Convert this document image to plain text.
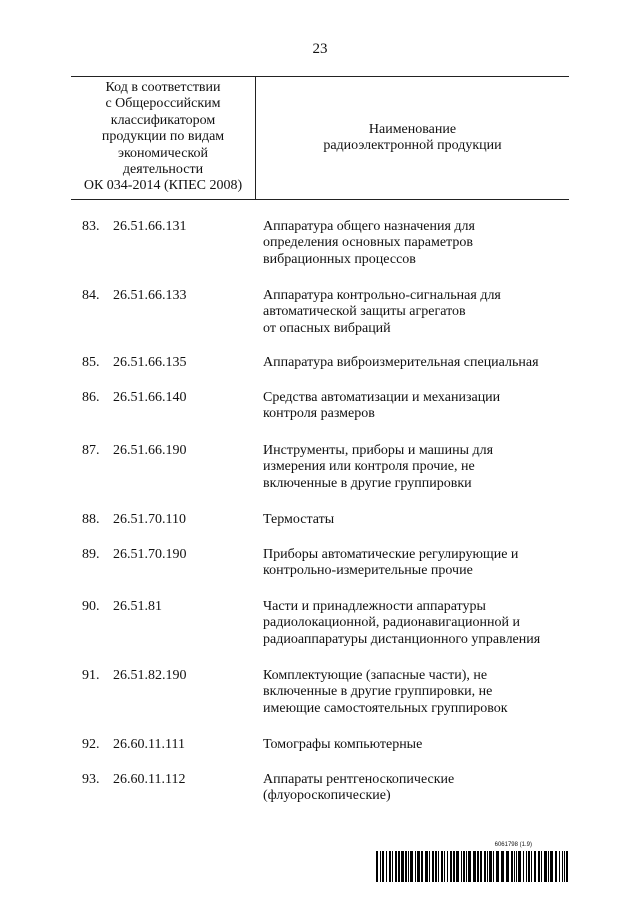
23
Код в соответствии
с Общероссийским
классификатором
продукции по видам
экономической
деятельности
ОК 034-2014 (КПЕС 2008)
Наименование
радиоэлектронной продукции
83. 26.51.66.131	Аппаратура общего назначения для
определения основных параметров
вибрационных процессов
84. 26.51.66.133	Аппаратура контрольно-сигнальная для
автоматической защиты агрегатов
от опасных вибраций
85. 26.51.66.135	Аппаратура виброизмерительная специальная
86. 26.51.66.140	Средства автоматизации и механизации
контроля размеров
87. 26.51.66.190	Инструменты, приборы и машины для
измерения или контроля прочие, не
включенные в другие группировки
88. 26.51.70.110	Термостаты
89. 26.51.70.190	Приборы автоматические регулирующие и
контрольно-измерительные прочие
90. 26.51.81	Части и принадлежности аппаратуры
радиолокационной, радионавигационной и
радиоаппаратуры дистанционного управления
91. 26.51.82.190	Комплектующие (запасные части), не
включенные в другие группировки, не
имеющие самостоятельных группировок
92. 26.60.11.111	Томографы компьютерные
93. 26.60.11.112	Аппараты рентгеноскопические
(флуороскопические)
6061798 (1.9)
